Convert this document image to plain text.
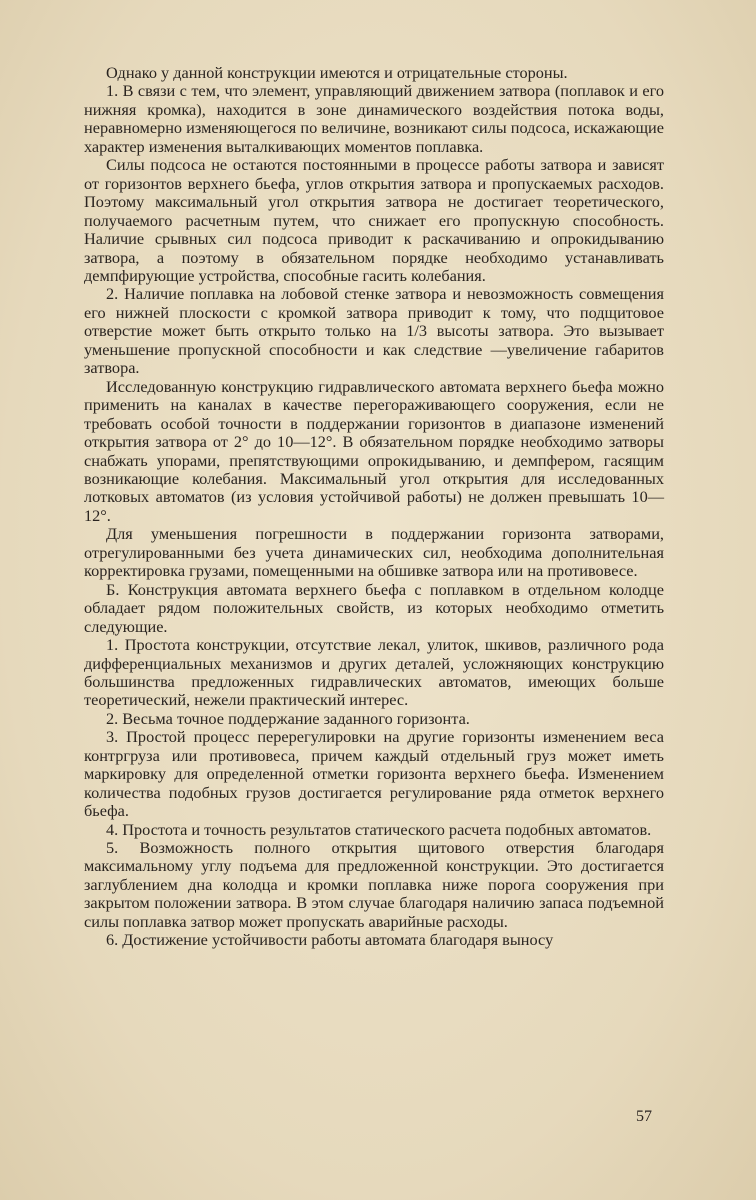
Однако у данной конструкции имеются и отрицательные стороны.

1. В связи с тем, что элемент, управляющий движением затвора (поплавок и его нижняя кромка), находится в зоне динамического воздействия потока воды, неравномерно изменяющегося по величине, возникают силы подсоса, искажающие характер изменения выталкивающих моментов поплавка.

Силы подсоса не остаются постоянными в процессе работы затвора и зависят от горизонтов верхнего бьефа, углов открытия затвора и пропускаемых расходов. Поэтому максимальный угол открытия затвора не достигает теоретического, получаемого расчетным путем, что снижает его пропускную способность. Наличие срывных сил подсоса приводит к раскачиванию и опрокидыванию затвора, а поэтому в обязательном порядке необходимо устанавливать демпфирующие устройства, способные гасить колебания.

2. Наличие поплавка на лобовой стенке затвора и невозможность совмещения его нижней плоскости с кромкой затвора приводит к тому, что подщитовое отверстие может быть открыто только на 1/3 высоты затвора. Это вызывает уменьшение пропускной способности и как следствие —увеличение габаритов затвора.

Исследованную конструкцию гидравлического автомата верхнего бьефа можно применить на каналах в качестве перегораживающего сооружения, если не требовать особой точности в поддержании горизонтов в диапазоне изменений открытия затвора от 2° до 10—12°. В обязательном порядке необходимо затворы снабжать упорами, препятствующими опрокидыванию, и демпфером, гасящим возникающие колебания. Максимальный угол открытия для исследованных лотковых автоматов (из условия устойчивой работы) не должен превышать 10—12°.

Для уменьшения погрешности в поддержании горизонта затворами, отрегулированными без учета динамических сил, необходима дополнительная корректировка грузами, помещенными на обшивке затвора или на противовесе.

Б. Конструкция автомата верхнего бьефа с поплавком в отдельном колодце обладает рядом положительных свойств, из которых необходимо отметить следующие.

1. Простота конструкции, отсутствие лекал, улиток, шкивов, различного рода дифференциальных механизмов и других деталей, усложняющих конструкцию большинства предложенных гидравлических автоматов, имеющих больше теоретический, нежели практический интерес.

2. Весьма точное поддержание заданного горизонта.

3. Простой процесс перерегулировки на другие горизонты изменением веса контргруза или противовеса, причем каждый отдельный груз может иметь маркировку для определенной отметки горизонта верхнего бьефа. Изменением количества подобных грузов достигается регулирование ряда отметок верхнего бьефа.

4. Простота и точность результатов статического расчета подобных автоматов.

5. Возможность полного открытия щитового отверстия благодаря максимальному углу подъема для предложенной конструкции. Это достигается заглублением дна колодца и кромки поплавка ниже порога сооружения при закрытом положении затвора. В этом случае благодаря наличию запаса подъемной силы поплавка затвор может пропускать аварийные расходы.

6. Достижение устойчивости работы автомата благодаря выносу

57
